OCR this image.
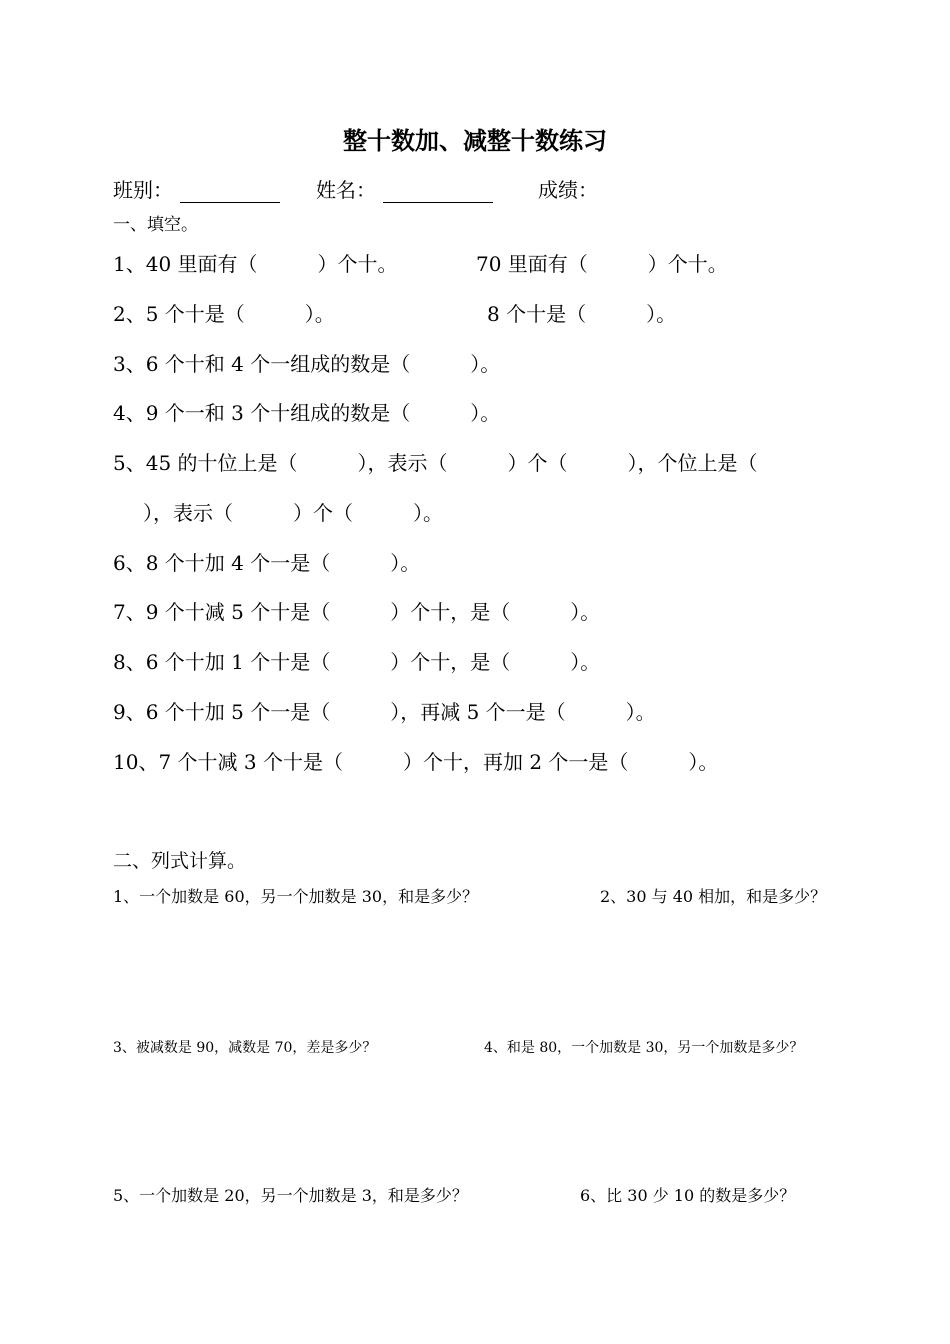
整十数加、减整十数练习
班别：	姓名：	成绩：
一、填空。
1、40 里面有（　　　）个十。	70 里面有（　　　）个十。
2、5 个十是（　　　）。	8 个十是（　　　）。
3、6 个十和 4 个一组成的数是（　　　）。
4、9 个一和 3 个十组成的数是（　　　）。
5、45 的十位上是（　　　），表示（　　　）个（　　　），个位上是（
），表示（　　　）个（　　　）。
6、8 个十加 4 个一是（　　　）。
7、9 个十减 5 个十是（　　　）个十，是（　　　）。
8、6 个十加 1 个十是（　　　）个十，是（　　　）。
9、6 个十加 5 个一是（　　　），再减 5 个一是（　　　）。
10、7 个十减 3 个十是（　　　）个十，再加 2 个一是（　　　）。
二、列式计算。
1、一个加数是 60，另一个加数是 30，和是多少？	2、30 与 40 相加，和是多少？
3、被减数是 90，减数是 70，差是多少？	4、和是 80，一个加数是 30，另一个加数是多少？
5、一个加数是 20，另一个加数是 3，和是多少？	6、比 30 少 10 的数是多少？
